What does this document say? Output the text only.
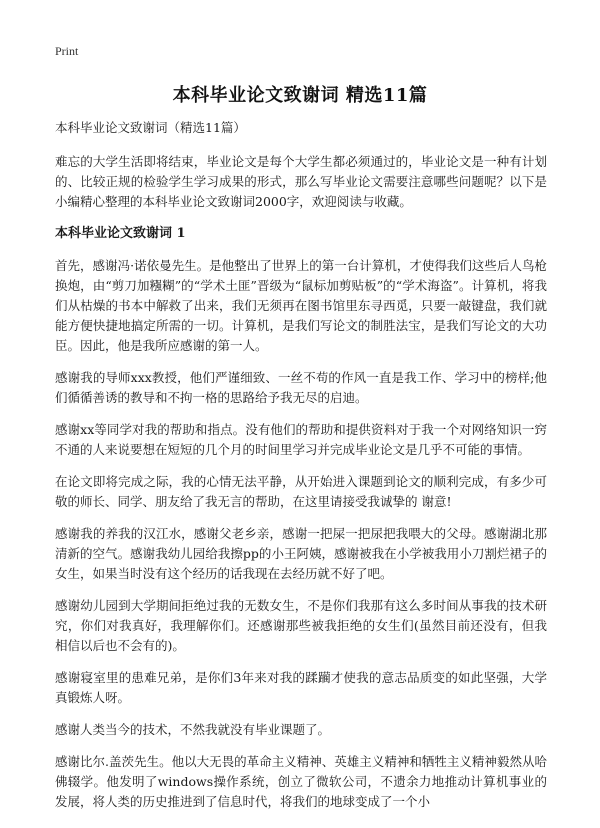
Print
本科毕业论文致谢词 精选11篇

本科毕业论文致谢词（精选11篇）

难忘的大学生活即将结束，毕业论文是每个大学生都必须通过的，毕业论文是一种有计划的、比较正规的检验学生学习成果的形式，那么写毕业论文需要注意哪些问题呢？以下是小编精心整理的本科毕业论文致谢词2000字，欢迎阅读与收藏。

本科毕业论文致谢词 1

首先，感谢冯·诺依曼先生。是他整出了世界上的第一台计算机，才使得我们这些后人鸟枪换炮，由“剪刀加糨糊”的“学术土匪”晋级为“鼠标加剪贴板”的“学术海盗”。计算机，将我们从枯燥的书本中解救了出来，我们无须再在图书馆里东寻西觅，只要一敲键盘，我们就能方便快捷地搞定所需的一切。计算机，是我们写论文的制胜法宝，是我们写论文的大功臣。因此，他是我所应感谢的第一人。

感谢我的导师xxx教授，他们严谨细致、一丝不苟的作风一直是我工作、学习中的榜样;他们循循善诱的教导和不拘一格的思路给予我无尽的启迪。

感谢xx等同学对我的帮助和指点。没有他们的帮助和提供资料对于我一个对网络知识一窍不通的人来说要想在短短的几个月的时间里学习并完成毕业论文是几乎不可能的事情。

在论文即将完成之际，我的心情无法平静，从开始进入课题到论文的顺利完成，有多少可敬的师长、同学、朋友给了我无言的帮助，在这里请接受我诚挚的 谢意!

感谢我的养我的汉江水，感谢父老乡亲，感谢一把屎一把尿把我喂大的父母。感谢湖北那清新的空气。感谢我幼儿园给我擦pp的小王阿姨，感谢被我在小学被我用小刀割烂裙子的女生，如果当时没有这个经历的话我现在去经历就不好了吧。

感谢幼儿园到大学期间拒绝过我的无数女生，不是你们我那有这么多时间从事我的技术研究，你们对我真好，我理解你们。还感谢那些被我拒绝的女生们(虽然目前还没有，但我相信以后也不会有的)。

感谢寝室里的患难兄弟，是你们3年来对我的蹂躏才使我的意志品质变的如此坚强，大学真锻炼人呀。

感谢人类当今的技术，不然我就没有毕业课题了。

感谢比尔.盖茨先生。他以大无畏的革命主义精神、英雄主义精神和牺牲主义精神毅然从哈佛辍学。他发明了windows操作系统，创立了微软公司，不遗余力地推动计算机事业的发展，将人类的历史推进到了信息时代，将我们的地球变成了一个小
